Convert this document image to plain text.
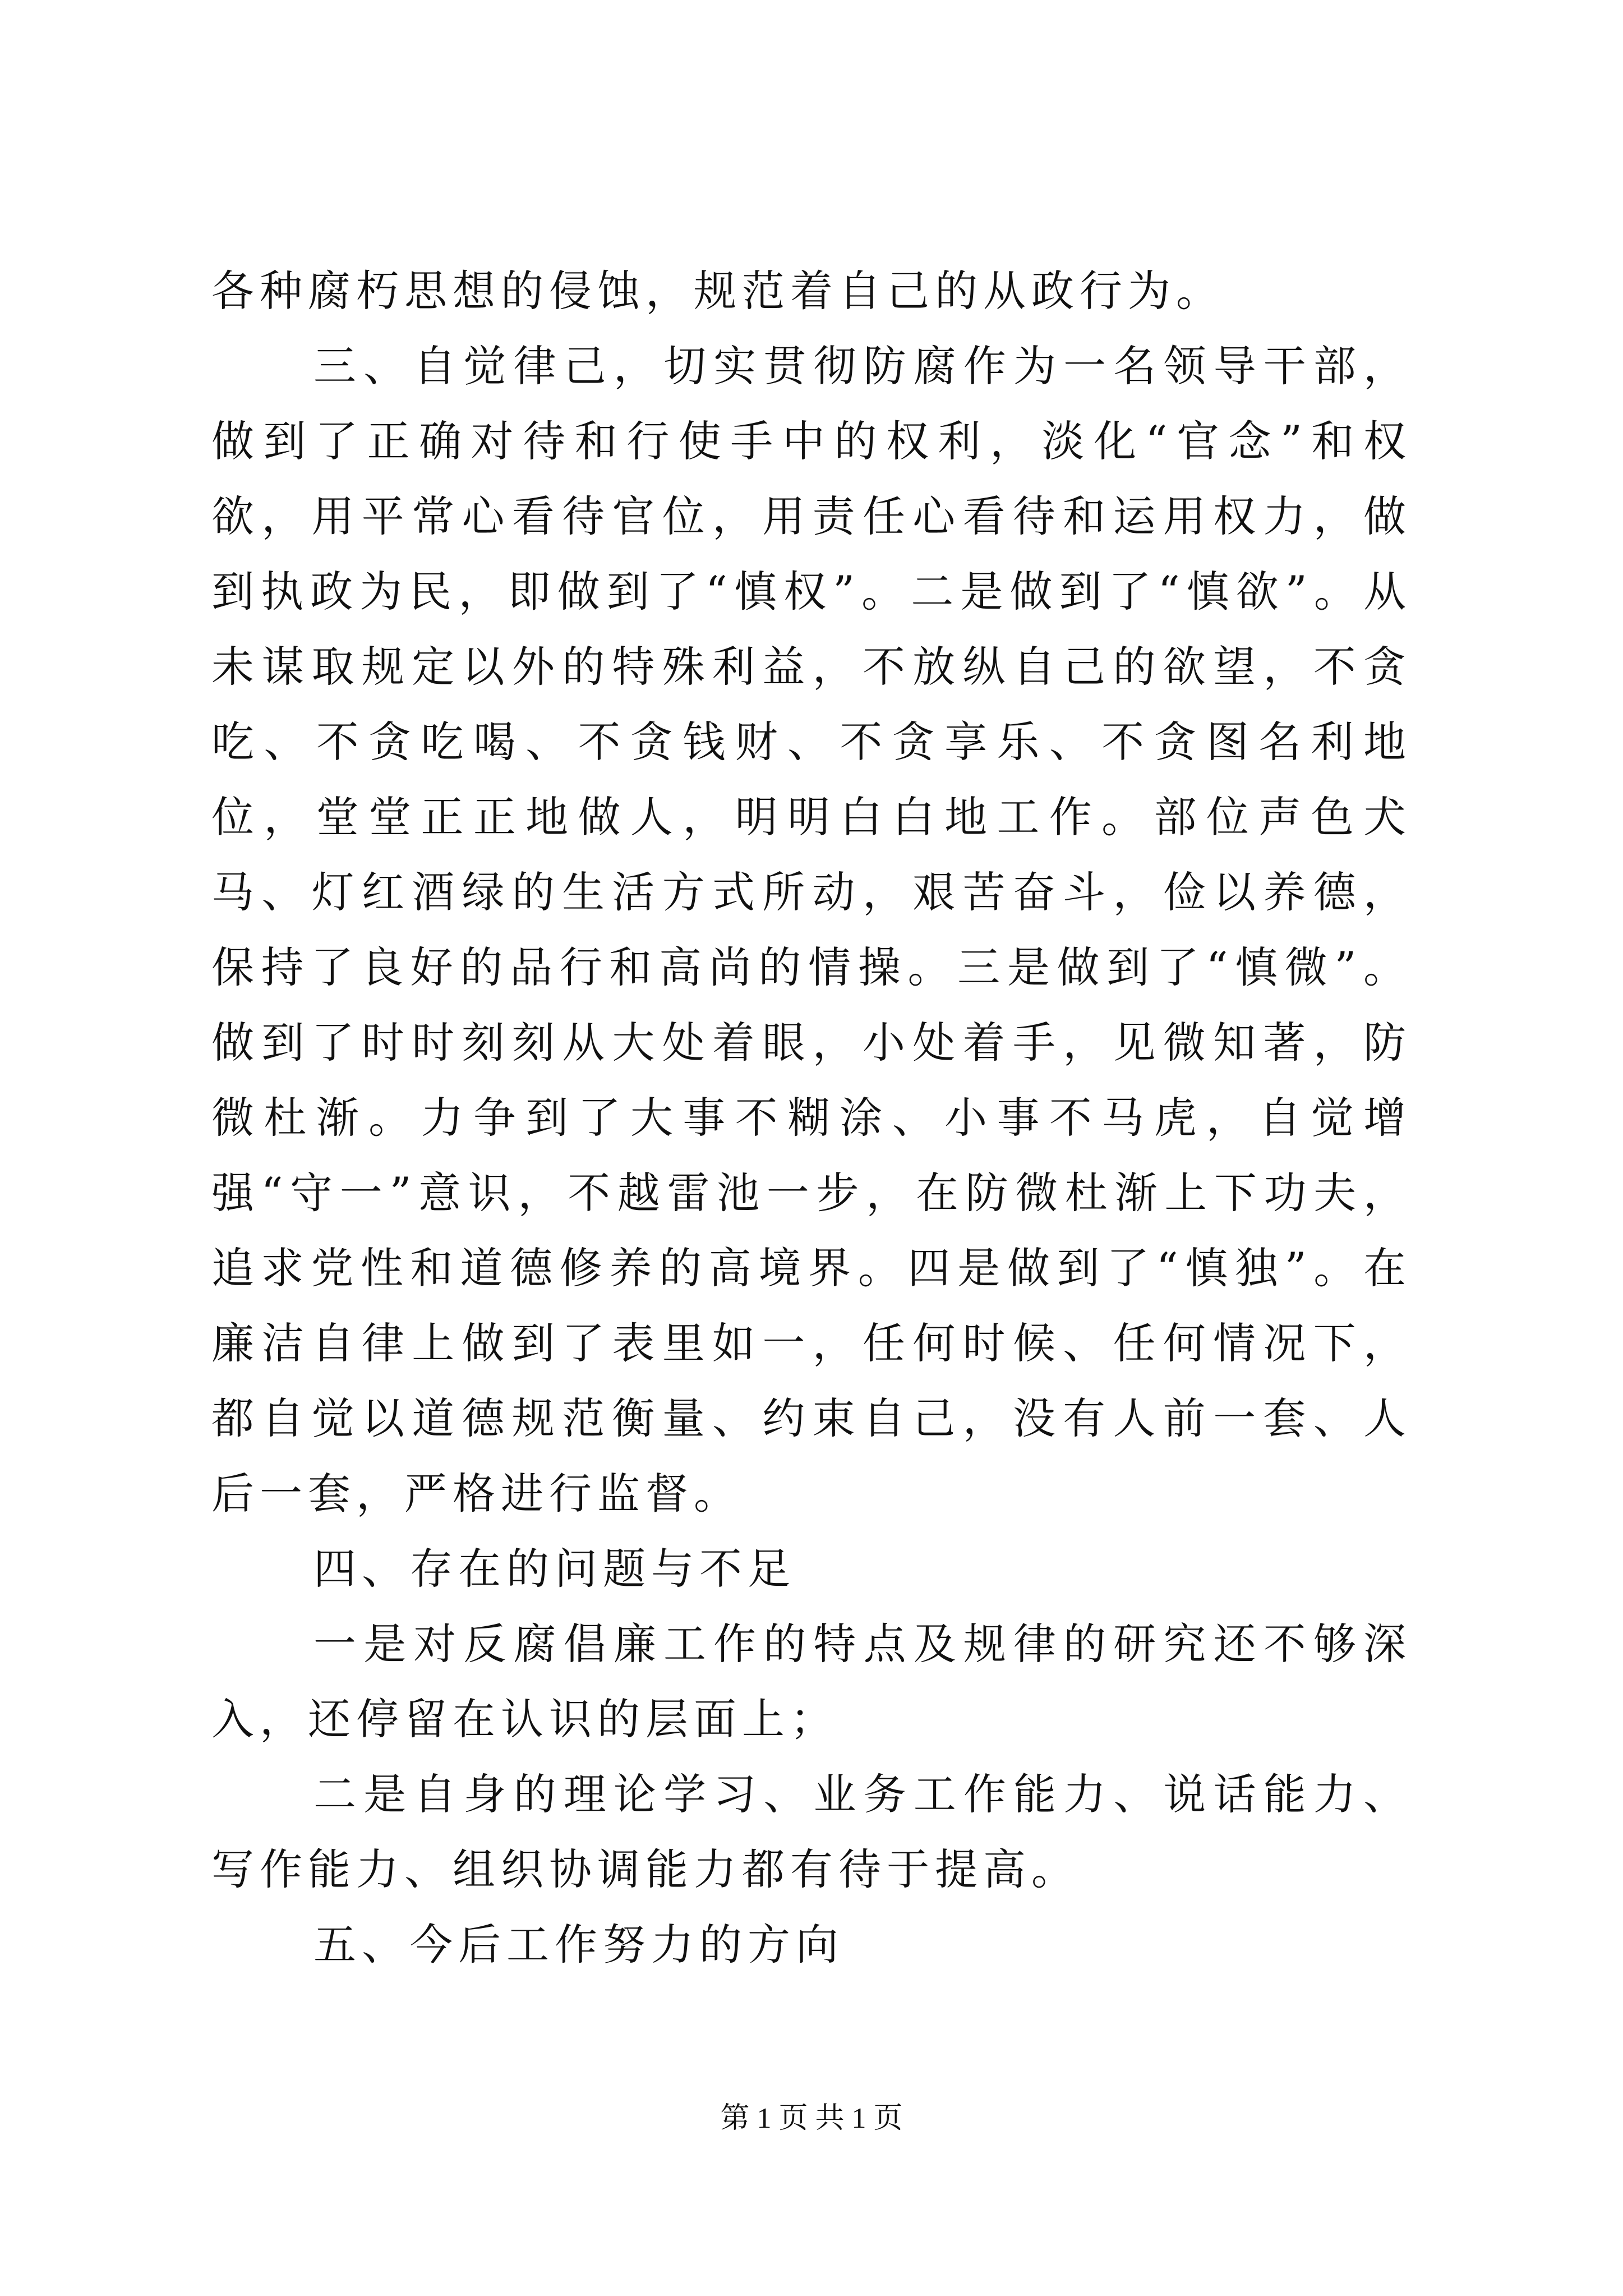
各种腐朽思想的侵蚀，规范着自己的从政行为。

三、自觉律己，切实贯彻防腐作为一名领导干部，做到了正确对待和行使手中的权利，淡化“官念”和权欲，用平常心看待官位，用责任心看待和运用权力，做到执政为民，即做到了“慎权”。二是做到了“慎欲”。从未谋取规定以外的特殊利益，不放纵自己的欲望，不贪吃、不贪吃喝、不贪钱财、不贪享乐、不贪图名利地位，堂堂正正地做人，明明白白地工作。部位声色犬马、灯红酒绿的生活方式所动，艰苦奋斗，俭以养德，保持了良好的品行和高尚的情操。三是做到了“慎微”。做到了时时刻刻从大处着眼，小处着手，见微知著，防微杜渐。力争到了大事不糊涂、小事不马虎，自觉增强“守一”意识，不越雷池一步，在防微杜渐上下功夫，追求党性和道德修养的高境界。四是做到了“慎独”。在廉洁自律上做到了表里如一，任何时候、任何情况下，都自觉以道德规范衡量、约束自己，没有人前一套、人后一套，严格进行监督。

四、存在的问题与不足

一是对反腐倡廉工作的特点及规律的研究还不够深入，还停留在认识的层面上；

二是自身的理论学习、业务工作能力、说话能力、写作能力、组织协调能力都有待于提高。

五、今后工作努力的方向

第 1 页 共 1 页
